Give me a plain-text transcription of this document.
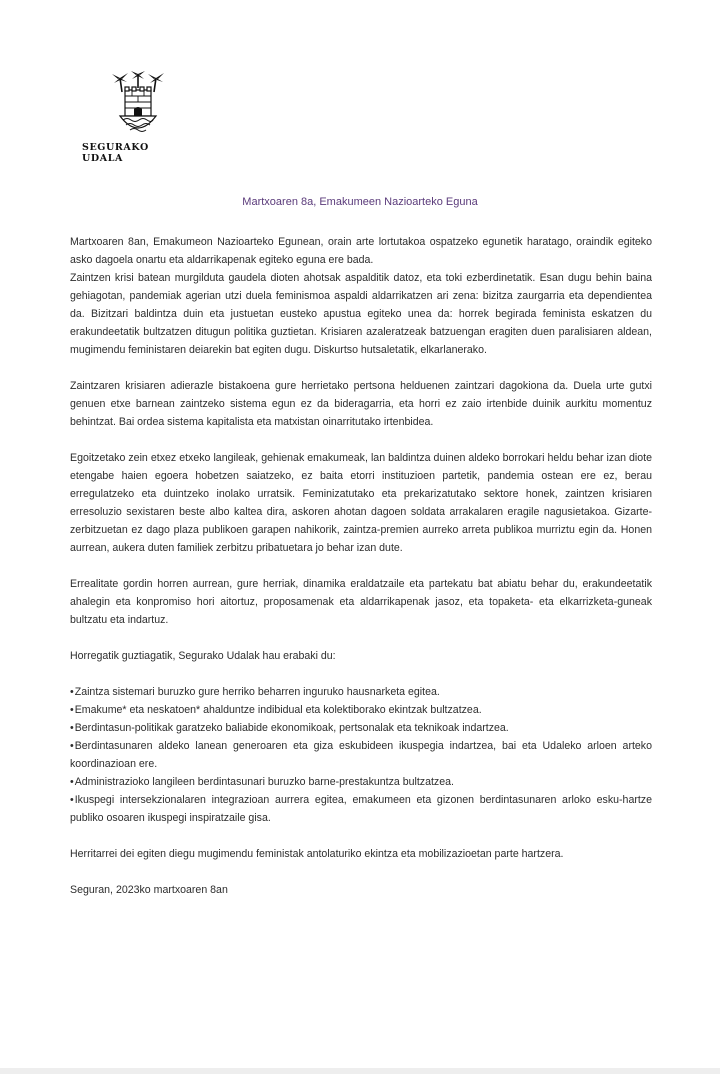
SEGURAKO UDALA
Martxoaren 8a, Emakumeen Nazioarteko Eguna
Martxoaren 8an, Emakumeon Nazioarteko Egunean, orain arte lortutakoa ospatzeko egunetik haratago, oraindik egiteko asko dagoela onartu eta aldarrikapenak egiteko eguna ere bada.
Zaintzen krisi batean murgilduta gaudela dioten ahotsak aspalditik datoz, eta toki ezberdinetatik. Esan dugu behin baina gehiagotan, pandemiak agerian utzi duela feminismoa aspaldi aldarrikatzen ari zena: bizitza zaurgarria eta dependientea da. Bizitzari baldintza duin eta justuetan eusteko apustua egiteko unea da: horrek begirada feminista eskatzen du erakundeetatik bultzatzen ditugun politika guztietan. Krisiaren azaleratzeak batzuengan eragiten duen paralisiaren aldean, mugimendu feministaren deiarekin bat egiten dugu. Diskurtso hutsaletatik, elkarlanerako.
Zaintzaren krisiaren adierazle bistakoena gure herrietako pertsona helduenen zaintzari dagokiona da. Duela urte gutxi genuen etxe barnean zaintzeko sistema egun ez da bideragarria, eta horri ez zaio irtenbide duinik aurkitu momentuz behintzat. Bai ordea sistema kapitalista eta matxistan oinarritutako irtenbidea.
Egoitzetako zein etxez etxeko langileak, gehienak emakumeak, lan baldintza duinen aldeko borrokari heldu behar izan diote etengabe haien egoera hobetzen saiatzeko, ez baita etorri instituzioen partetik, pandemia ostean ere ez, berau erregulatzeko eta duintzeko inolako urratsik. Feminizatutako eta prekarizatutako sektore honek, zaintzen krisiaren erresoluzio sexistaren beste albo kaltea dira, askoren ahotan dagoen soldata arrakalaren eragile nagusietakoa. Gizarte-zerbitzuetan ez dago plaza publikoen garapen nahikorik, zaintza-premien aurreko arreta publikoa murriztu egin da. Honen aurrean, aukera duten familiek zerbitzu pribatuetara jo behar izan dute.
Errealitate gordin horren aurrean, gure herriak, dinamika eraldatzaile eta partekatu bat abiatu behar du, erakundeetatik ahalegin eta konpromiso hori aitortuz, proposamenak eta aldarrikapenak jasoz, eta topaketa- eta elkarrizketa-guneak bultzatu eta indartuz.
Horregatik guztiagatik, Segurako Udalak hau erabaki du:
•Zaintza sistemari buruzko gure herriko beharren inguruko hausnarketa egitea.
•Emakume* eta neskatoen* ahalduntze indibidual eta kolektiborako ekintzak bultzatzea.
•Berdintasun-politikak garatzeko baliabide ekonomikoak, pertsonalak eta teknikoak indartzea.
•Berdintasunaren aldeko lanean generoaren eta giza eskubideen ikuspegia indartzea, bai eta Udaleko arloen arteko koordinazioan ere.
•Administrazioko langileen berdintasunari buruzko barne-prestakuntza bultzatzea.
•Ikuspegi intersekzionalaren integrazioan aurrera egitea, emakumeen eta gizonen berdintasunaren arloko esku-hartze publiko osoaren ikuspegi inspiratzaile gisa.
Herritarrei dei egiten diegu mugimendu feministak antolaturiko ekintza eta mobilizazioetan parte hartzera.
Seguran, 2023ko martxoaren 8an
